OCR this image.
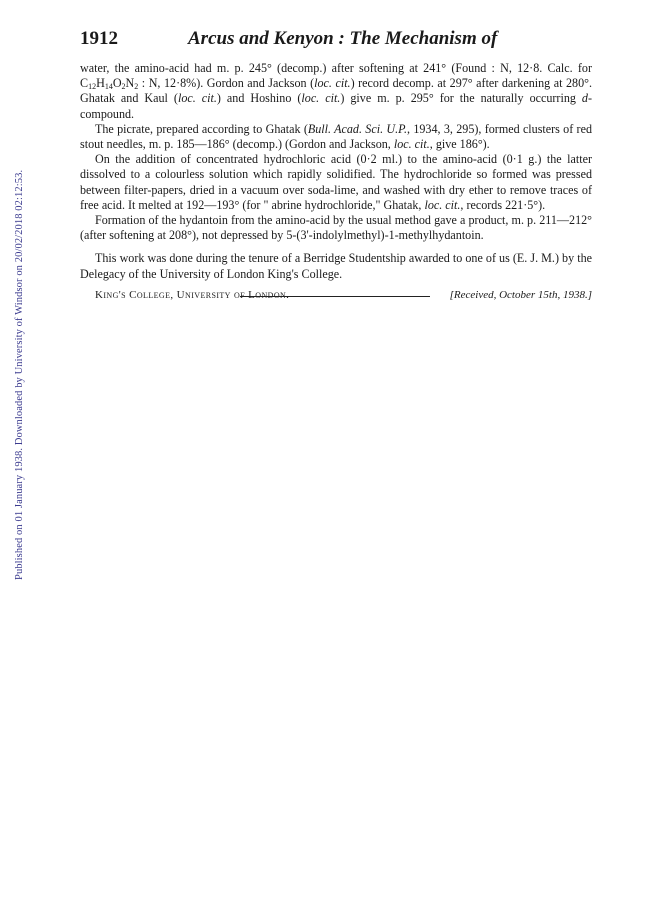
Published on 01 January 1938. Downloaded by University of Windsor on 20/02/2018 02:12:53.
1912	Arcus and Kenyon : The Mechanism of

water, the amino-acid had m. p. 245° (decomp.) after softening at 241° (Found : N, 12·8. Calc. for $C_{12}H_{14}O_2N_2$ : N, 12·8%). Gordon and Jackson (loc. cit.) record decomp. at 297° after darkening at 280°. Ghatak and Kaul (loc. cit.) and Hoshino (loc. cit.) give m. p. 295° for the naturally occurring d-compound.

The picrate, prepared according to Ghatak (Bull. Acad. Sci. U.P., 1934, 3, 295), formed clusters of red stout needles, m. p. 185—186° (decomp.) (Gordon and Jackson, loc. cit., give 186°).

On the addition of concentrated hydrochloric acid (0·2 ml.) to the amino-acid (0·1 g.) the latter dissolved to a colourless solution which rapidly solidified. The hydrochloride so formed was pressed between filter-papers, dried in a vacuum over soda-lime, and washed with dry ether to remove traces of free acid. It melted at 192—193° (for " abrine hydrochloride," Ghatak, loc. cit., records 221·5°).

Formation of the hydantoin from the amino-acid by the usual method gave a product, m. p. 211—212° (after softening at 208°), not depressed by 5-(3'-indolylmethyl)-1-methylhydantoin.

This work was done during the tenure of a Berridge Studentship awarded to one of us (E. J. M.) by the Delegacy of the University of London King's College.

King's College, University of London.	[Received, October 15th, 1938.]
